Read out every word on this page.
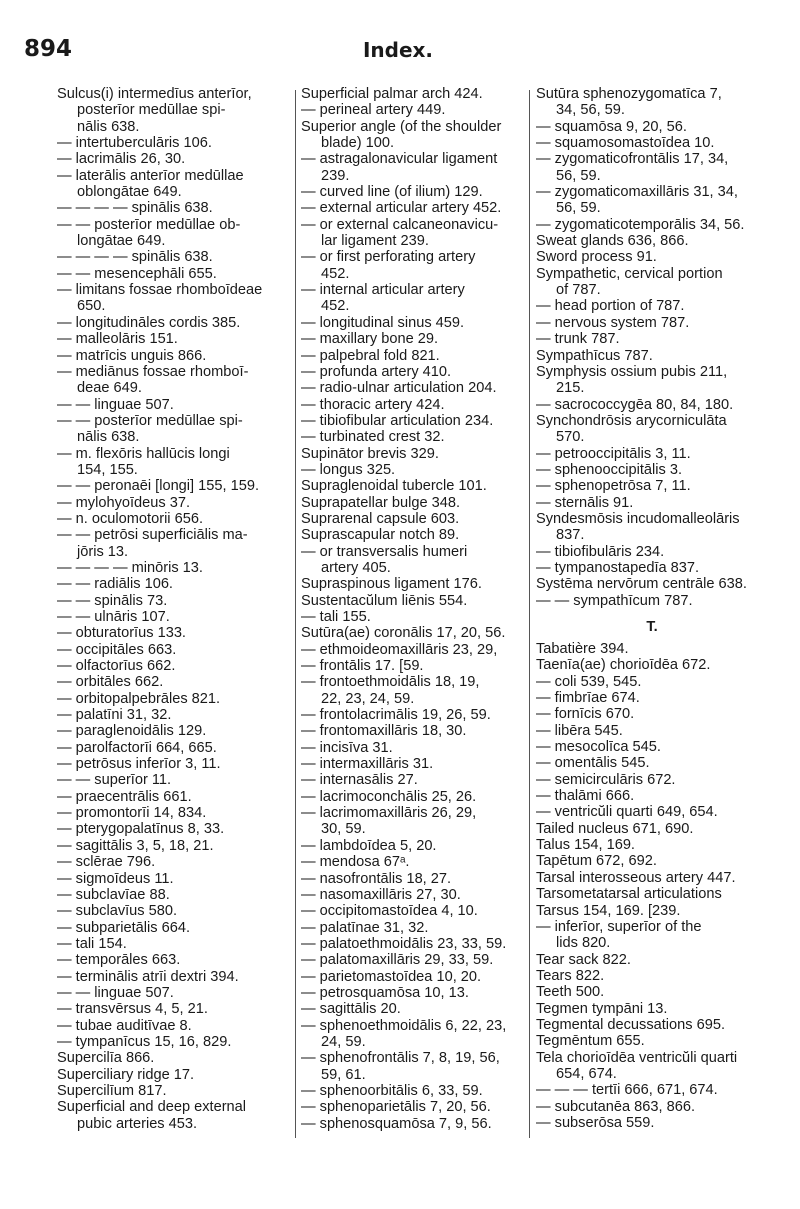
894	Index.
Sulcus(i) intermedīus anterīor,
posterīor medūllae spi-
nālis 638.
— intertuberculāris 106.
— lacrimālis 26, 30.
— laterālis anterīor medūllae
oblongātae 649.
— — — — spinālis 638.
— — posterīor medūllae ob-
longātae 649.
— — — — spinālis 638.
— — mesencephāli 655.
— limitans fossae rhomboīdeae
650.
— longitudināles cordis 385.
— malleolāris 151.
— matrīcis unguis 866.
— mediānus fossae rhomboī-
deae 649.
— — linguae 507.
— — posterīor medūllae spi-
nālis 638.
— m. flexōris hallūcis longi
154, 155.
— — peronaēi [longi] 155, 159.
— mylohyoīdeus 37.
— n. oculomotorii 656.
— — petrōsi superficiālis ma-
jōris 13.
— — — — minōris 13.
— — radiālis 106.
— — spinālis 73.
— — ulnāris 107.
— obturatorīus 133.
— occipitāles 663.
— olfactorīus 662.
— orbitāles 662.
— orbitopalpebrāles 821.
— palatīni 31, 32.
— paraglenoidālis 129.
— parolfactorīi 664, 665.
— petrōsus inferīor 3, 11.
— — superīor 11.
— praecentrālis 661.
— promontorīi 14, 834.
— pterygopalatīnus 8, 33.
— sagittālis 3, 5, 18, 21.
— sclērae 796.
— sigmoīdeus 11.
— subclavīae 88.
— subclavīus 580.
— subparietālis 664.
— tali 154.
— temporāles 663.
— terminālis atrīi dextri 394.
— — linguae 507.
— transvērsus 4, 5, 21.
— tubae auditīvae 8.
— tympanīcus 15, 16, 829.
Supercilīa 866.
Superciliary ridge 17.
Supercilīum 817.
Superficial and deep external
pubic arteries 453.
Superficial palmar arch 424.
— perineal artery 449.
Superior angle (of the shoulder
blade) 100.
— astragalonavicular ligament
239.
— curved line (of ilium) 129.
— external articular artery 452.
— or external calcaneonavicu-
lar ligament 239.
— or first perforating artery
452.
— internal articular artery
452.
— longitudinal sinus 459.
— maxillary bone 29.
— palpebral fold 821.
— profunda artery 410.
— radio-ulnar articulation 204.
— thoracic artery 424.
— tibiofibular articulation 234.
— turbinated crest 32.
Supinātor brevis 329.
— longus 325.
Supraglenoidal tubercle 101.
Suprapatellar bulge 348.
Suprarenal capsule 603.
Suprascapular notch 89.
— or transversalis humeri
artery 405.
Supraspinous ligament 176.
Sustentacŭlum liēnis 554.
— tali 155.
Sutūra(ae) coronālis 17, 20, 56.
— ethmoideomaxillāris 23, 29,
— frontālis 17. [59.
— frontoethmoidālis 18, 19,
22, 23, 24, 59.
— frontolacrimālis 19, 26, 59.
— frontomaxillāris 18, 30.
— incisīva 31.
— intermaxillāris 31.
— internasālis 27.
— lacrimoconchālis 25, 26.
— lacrimomaxillāris 26, 29,
30, 59.
— lambdoīdea 5, 20.
— mendosa 67ᵃ.
— nasofrontālis 18, 27.
— nasomaxillāris 27, 30.
— occipitomastoīdea 4, 10.
— palatīnae 31, 32.
— palatoethmoidālis 23, 33, 59.
— palatomaxillāris 29, 33, 59.
— parietomastoīdea 10, 20.
— petrosquamōsa 10, 13.
— sagittālis 20.
— sphenoethmoidālis 6, 22, 23,
24, 59.
— sphenofrontālis 7, 8, 19, 56,
59, 61.
— sphenoorbitālis 6, 33, 59.
— sphenoparietālis 7, 20, 56.
— sphenosquamōsa 7, 9, 56.
Sutūra sphenozygomatīca 7,
34, 56, 59.
— squamōsa 9, 20, 56.
— squamosomastoīdea 10.
— zygomaticofrontālis 17, 34,
56, 59.
— zygomaticomaxillāris 31, 34,
56, 59.
— zygomaticotemporālis 34, 56.
Sweat glands 636, 866.
Sword process 91.
Sympathetic, cervical portion
of 787.
— head portion of 787.
— nervous system 787.
— trunk 787.
Sympathīcus 787.
Symphysis ossium pubis 211,
215.
— sacrococcygēa 80, 84, 180.
Synchondrōsis arycorniculāta
570.
— petrooccipitālis 3, 11.
— sphenooccipitālis 3.
— sphenopetrōsa 7, 11.
— sternālis 91.
Syndesmōsis incudomalleolāris
837.
— tibiofibulāris 234.
— tympanostapedīa 837.
Systēma nervōrum centrāle 638.
— — sympathīcum 787.
T.
Tabatière 394.
Taenīa(ae) chorioīdēa 672.
— coli 539, 545.
— fimbrīae 674.
— fornīcis 670.
— libēra 545.
— mesocolīca 545.
— omentālis 545.
— semicirculāris 672.
— thalāmi 666.
— ventricŭli quarti 649, 654.
Tailed nucleus 671, 690.
Talus 154, 169.
Tapētum 672, 692.
Tarsal interosseous artery 447.
Tarsometatarsal articulations
Tarsus 154, 169. [239.
— inferīor, superīor of the
lids 820.
Tear sack 822.
Tears 822.
Teeth 500.
Tegmen tympāni 13.
Tegmental decussations 695.
Tegmēntum 655.
Tela chorioīdēa ventricŭli quarti
654, 674.
— — — tertīi 666, 671, 674.
— subcutanēa 863, 866.
— subserōsa 559.
